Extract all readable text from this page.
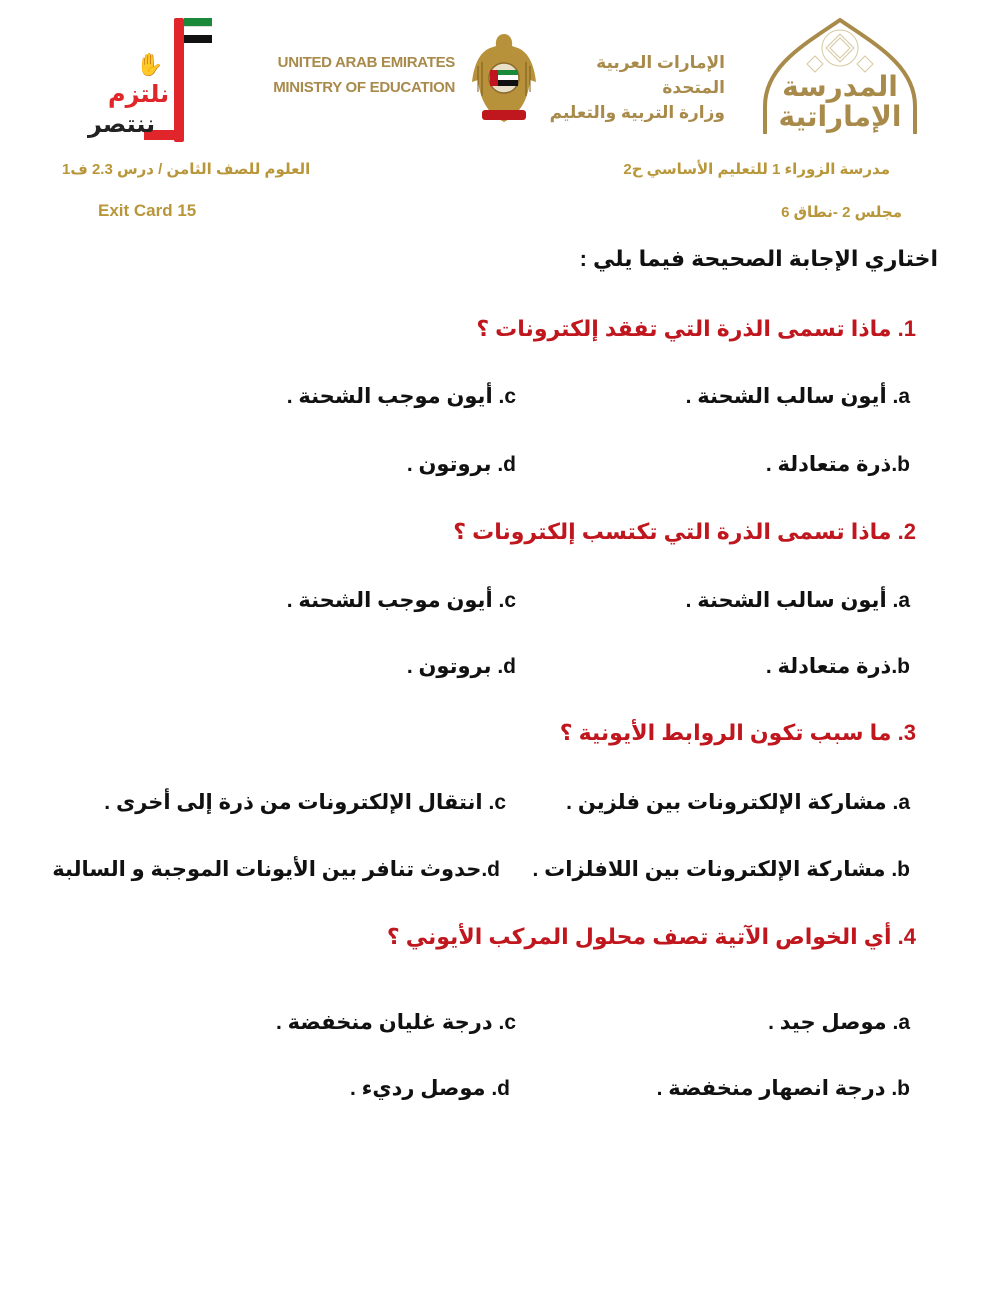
✋
نلتزم
ننتصر
UNITED ARAB EMIRATES
MINISTRY OF EDUCATION
الإمارات العربية المتحدة
وزارة التربية والتعليم
المدرسة
الإماراتية
مدرسة الزوراء 1 للتعليم الأساسي ح2
العلوم للصف الثامن / درس 2.3 ف1
مجلس 2 -نطاق 6
Exit Card 15
اختاري الإجابة الصحيحة فيما يلي :
1. ماذا تسمى الذرة التي تفقد إلكترونات ؟
a. أيون سالب الشحنة .
c. أيون موجب الشحنة .
b.ذرة متعادلة .
d. بروتون .
2. ماذا تسمى الذرة التي تكتسب إلكترونات ؟
a. أيون سالب الشحنة .
c. أيون موجب الشحنة .
b.ذرة متعادلة .
d. بروتون .
3. ما سبب تكون الروابط الأيونية ؟
a. مشاركة الإلكترونات بين فلزين .
c. انتقال الإلكترونات من ذرة إلى أخرى .
b. مشاركة الإلكترونات بين اللافلزات .
d.حدوث تنافر بين الأيونات الموجبة و السالبة
4. أي الخواص الآتية تصف محلول المركب الأيوني ؟
a. موصل جيد .
c. درجة غليان منخفضة .
b. درجة انصهار منخفضة .
d. موصل رديء .
